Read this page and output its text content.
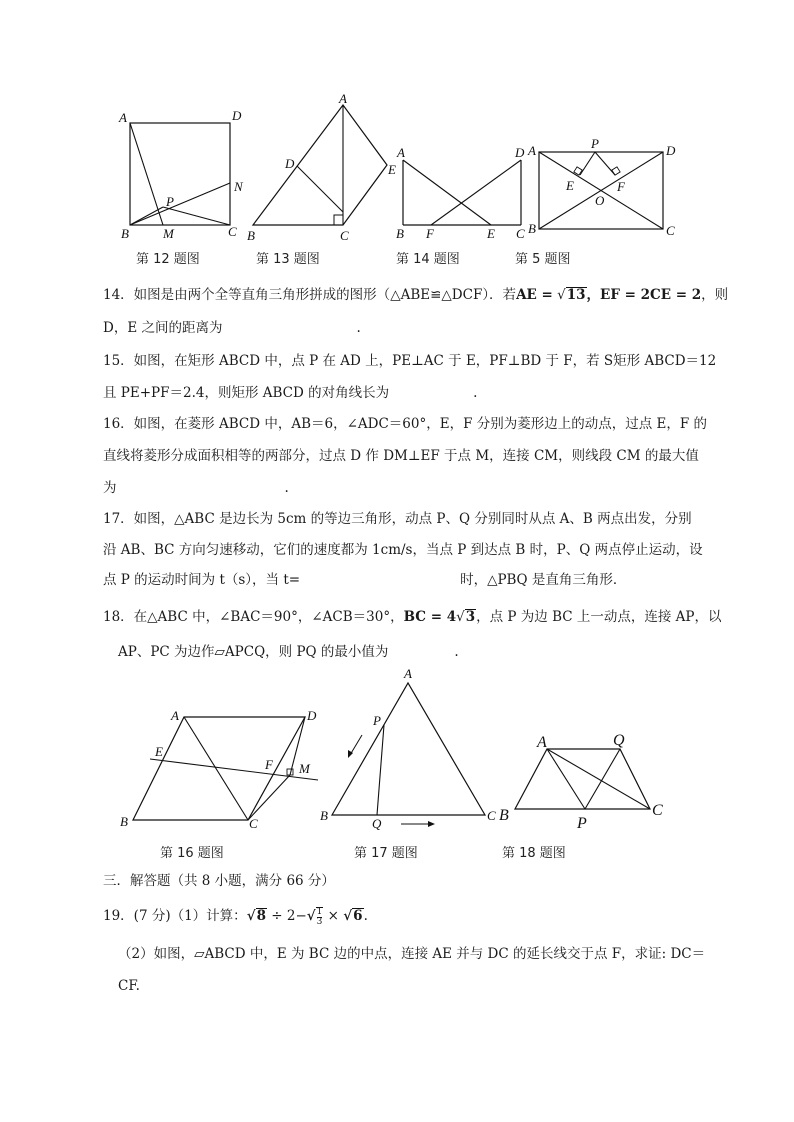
A	D
N
P
B	M	C
第 12 题图
A
D	E
B	C
第 13 题图
A	D
B F	E C
第 14 题图
A	P	D
E	F
O
B	C
第 5 题图
14．如图是由两个全等直角三角形拼成的图形（△ABE≌△DCF）．若AE = √13，EF = 2CE = 2，则
D，E 之间的距离为	.
15．如图，在矩形 ABCD 中，点 P 在 AD 上，PE⊥AC 于 E，PF⊥BD 于 F，若 S矩形 ABCD＝12
且 PE+PF＝2.4，则矩形 ABCD 的对角线长为	.
16．如图，在菱形 ABCD 中，AB＝6，∠ADC＝60°，E，F 分别为菱形边上的动点，过点 E，F 的
直线将菱形分成面积相等的两部分，过点 D 作 DM⊥EF 于点 M，连接 CM，则线段 CM 的最大值
为	.
17．如图，△ABC 是边长为 5cm 的等边三角形，动点 P、Q 分别同时从点 A、B 两点出发，分别
沿 AB、BC 方向匀速移动，它们的速度都为 1cm/s，当点 P 到达点 B 时，P、Q 两点停止运动，设
点 P 的运动时间为 t（s），当 t=	时，△PBQ 是直角三角形．
18．在△ABC 中，∠BAC＝90°，∠ACB＝30°，BC = 4√3，点 P 为边 BC 上一动点，连接 AP，以
AP、PC 为边作▱APCQ，则 PQ 的最小值为	.
A	D
E
F M
B	C
第 16 题图
A
P
B
Q
C
第 17 题图
A	Q
B	P
C
第 18 题图
三．解答题（共 8 小题，满分 66 分）
19．(7 分)（1）计算：$√8 \div 2-√ \frac{1}{3} \times √6$.
（2）如图，▱ABCD 中，E 为 BC 边的中点，连接 AE 并与 DC 的延长线交于点 F，求证: DC＝
CF.
